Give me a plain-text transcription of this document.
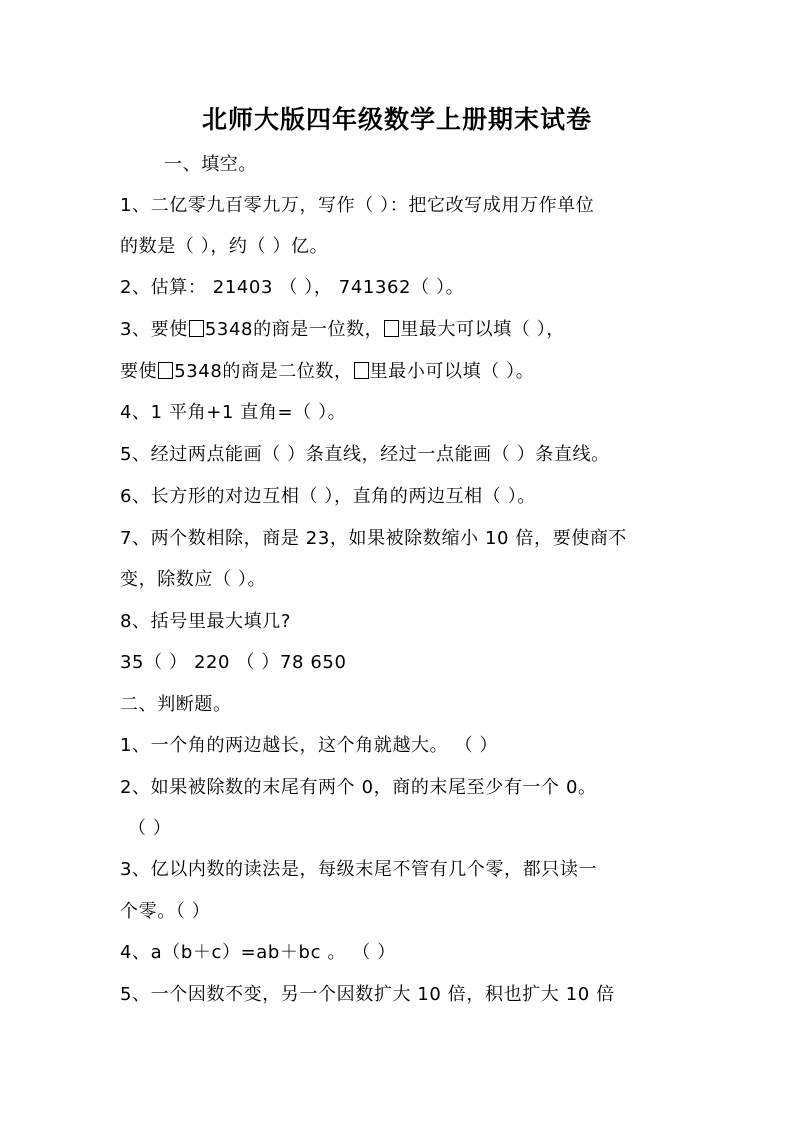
北师大版四年级数学上册期末试卷
一、填空。
1、二亿零九百零九万，写作（ ）：把它改写成用万作单位
的数是（ ），约（ ）亿。
2、估算： 21403 （ ）， 741362（ ）。
3、要使 5348的商是一位数， 里最大可以填（ ），
要使 5348的商是二位数， 里最小可以填（ ）。
4、1 平角+1 直角=（ ）。
5、经过两点能画（ ）条直线，经过一点能画（ ）条直线。
6、长方形的对边互相（ ），直角的两边互相（ ）。
7、两个数相除，商是 23，如果被除数缩小 10 倍，要使商不
变，除数应（ ）。
8、括号里最大填几?
35（ ） 220 （ ）78 650
二、判断题。
1、一个角的两边越长，这个角就越大。 （ ）
2、如果被除数的末尾有两个 0，商的末尾至少有一个 0。
（ ）
3、亿以内数的读法是，每级末尾不管有几个零，都只读一
个零。（ ）
4、a（b＋c）=ab＋bc 。 （ ）
5、一个因数不变，另一个因数扩大 10 倍，积也扩大 10 倍
